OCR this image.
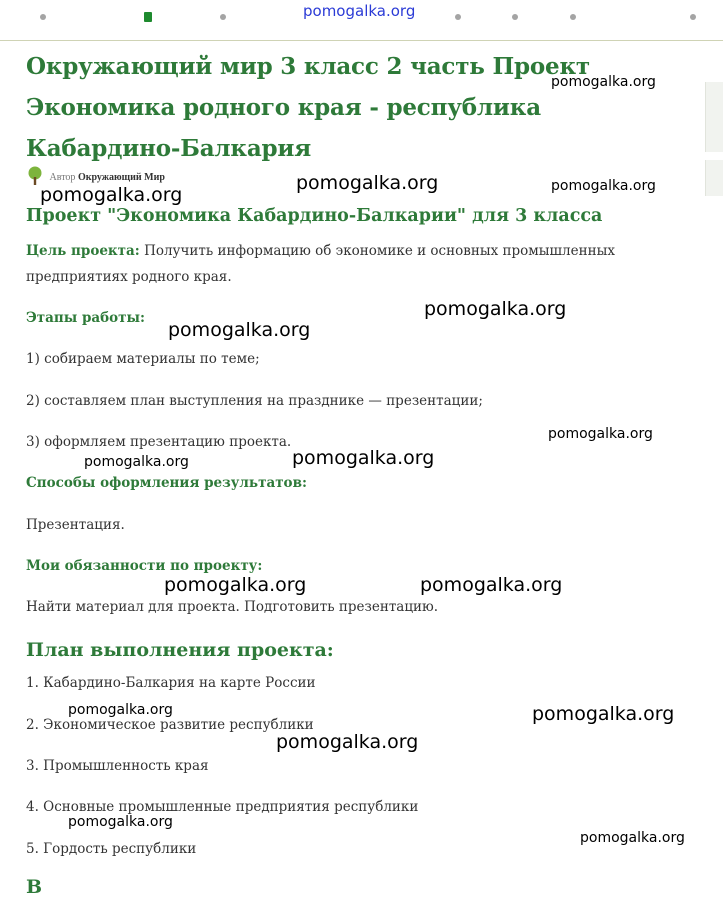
pomogalka.org
Окружающий мир 3 класс 2 часть Проект Экономика родного края - республика Кабардино-Балкария
Автор Окружающий Мир
Проект "Экономика Кабардино-Балкарии" для 3 класса

Цель проекта: Получить информацию об экономике и основных промышленных предприятиях родного края.

Этапы работы:

1) собираем материалы по теме;

2) составляем план выступления на празднике — презентации;

3) оформляем презентацию проекта.

Способы оформления результатов:

Презентация.

Мои обязанности по проекту:

Найти материал для проекта. Подготовить презентацию.

План выполнения проекта:

1. Кабардино-Балкария на карте России

2. Экономическое развитие республики

3. Промышленность края

4. Основные промышленные предприятия республики

5. Гордость республики

В
pomogalka.org
pomogalka.org
pomogalka.org	pomogalka.org
pomogalka.org
pomogalka.org
pomogalka.org
pomogalka.org	pomogalka.org
pomogalka.org	pomogalka.org
pomogalka.org	pomogalka.org
pomogalka.org
pomogalka.org
pomogalka.org
